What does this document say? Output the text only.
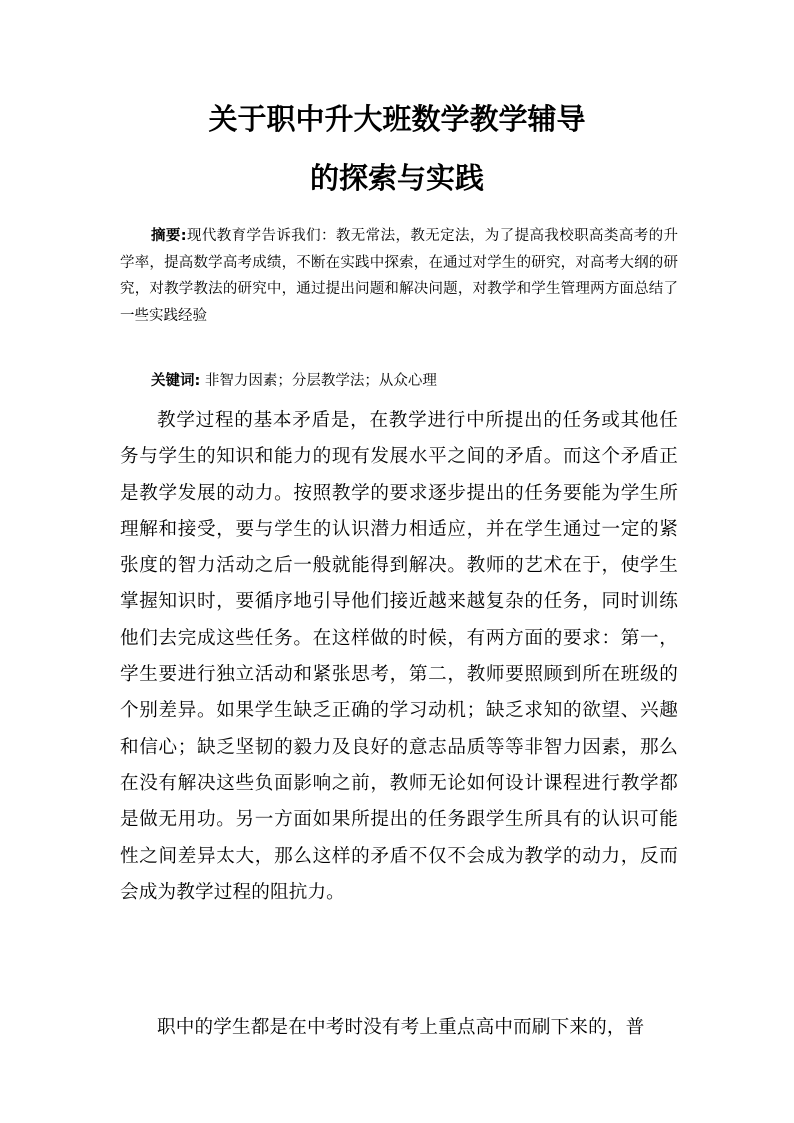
关于职中升大班数学教学辅导
的探索与实践

摘要:现代教育学告诉我们：教无常法，教无定法，为了提高我校职高类高考的升学率，提高数学高考成绩，不断在实践中探索，在通过对学生的研究，对高考大纲的研究，对教学教法的研究中，通过提出问题和解决问题，对教学和学生管理两方面总结了一些实践经验

关键词: 非智力因素；分层教学法；从众心理

教学过程的基本矛盾是，在教学进行中所提出的任务或其他任务与学生的知识和能力的现有发展水平之间的矛盾。而这个矛盾正是教学发展的动力。按照教学的要求逐步提出的任务要能为学生所理解和接受，要与学生的认识潜力相适应，并在学生通过一定的紧张度的智力活动之后一般就能得到解决。教师的艺术在于，使学生掌握知识时，要循序地引导他们接近越来越复杂的任务，同时训练他们去完成这些任务。在这样做的时候，有两方面的要求：第一，学生要进行独立活动和紧张思考，第二，教师要照顾到所在班级的个别差异。如果学生缺乏正确的学习动机；缺乏求知的欲望、兴趣和信心；缺乏坚韧的毅力及良好的意志品质等等非智力因素，那么在没有解决这些负面影响之前，教师无论如何设计课程进行教学都是做无用功。另一方面如果所提出的任务跟学生所具有的认识可能性之间差异太大，那么这样的矛盾不仅不会成为教学的动力，反而会成为教学过程的阻抗力。

职中的学生都是在中考时没有考上重点高中而刷下来的，普
